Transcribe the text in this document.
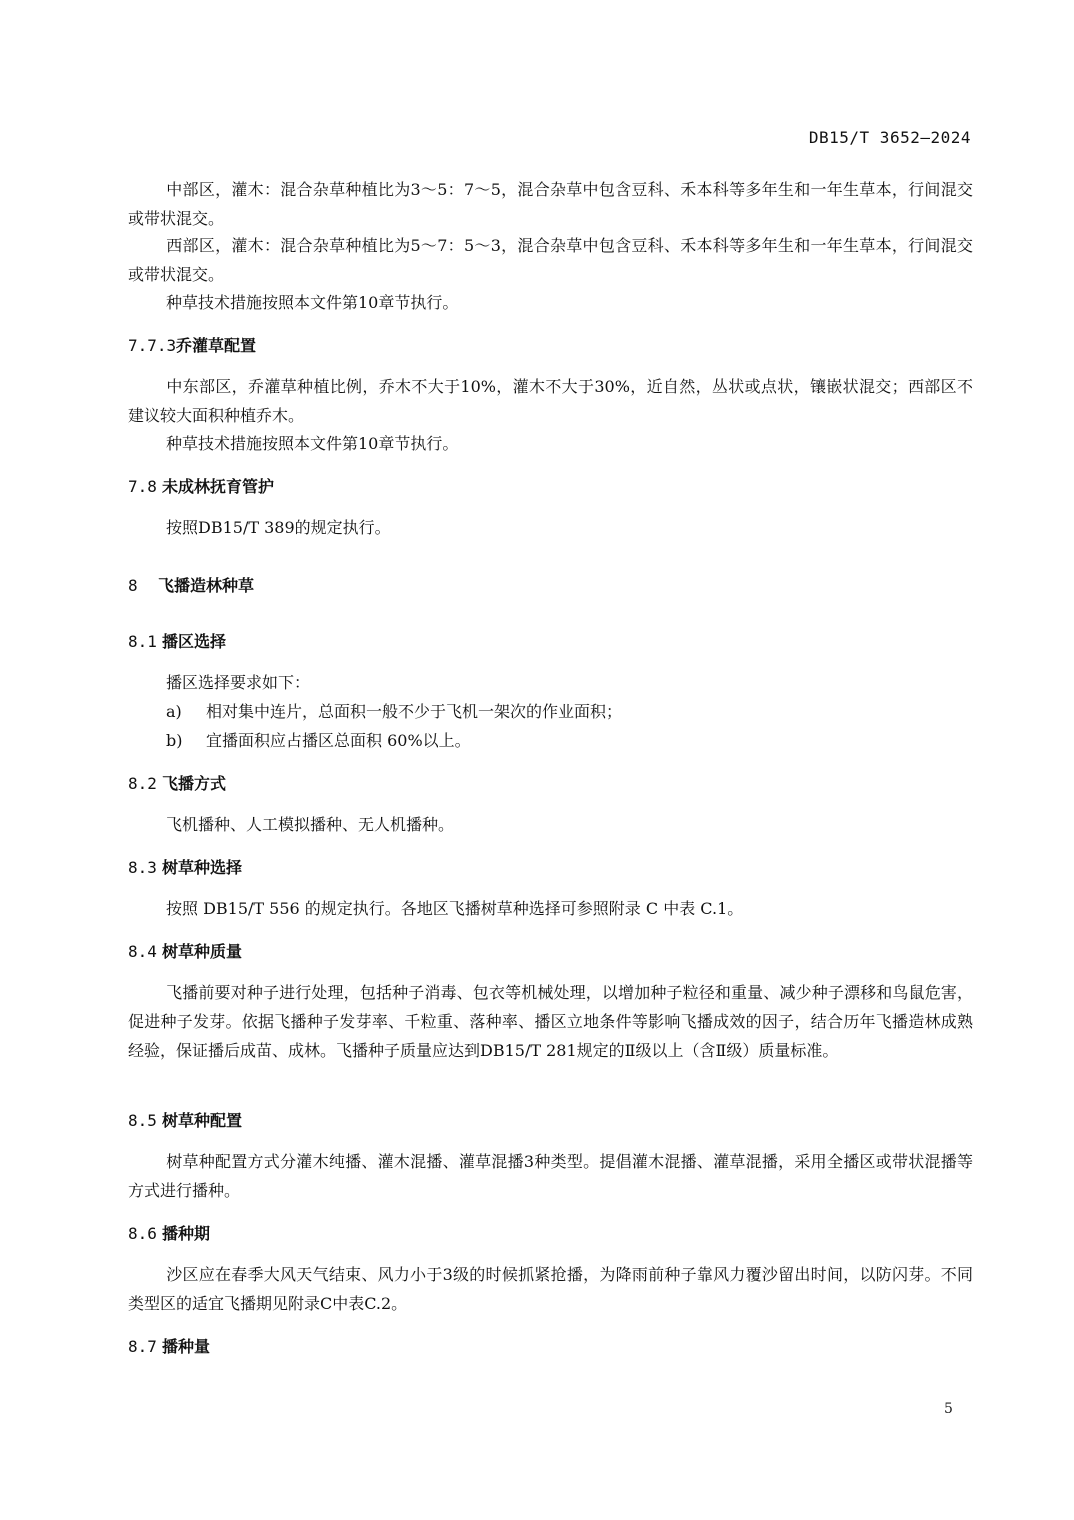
DB15/T 3652—2024

中部区，灌木：混合杂草种植比为3～5：7～5，混合杂草中包含豆科、禾本科等多年生和一年生草本，行间混交或带状混交。

西部区，灌木：混合杂草种植比为5～7：5～3，混合杂草中包含豆科、禾本科等多年生和一年生草本，行间混交或带状混交。

种草技术措施按照本文件第10章节执行。

7.7.3乔灌草配置

中东部区，乔灌草种植比例，乔木不大于10%，灌木不大于30%，近自然，丛状或点状，镶嵌状混交；西部区不建议较大面积种植乔木。

种草技术措施按照本文件第10章节执行。

7.8 未成林抚育管护

按照DB15/T 389的规定执行。

8 飞播造林种草
8.1 播区选择

播区选择要求如下：

a) 相对集中连片，总面积一般不少于飞机一架次的作业面积；

b) 宜播面积应占播区总面积 60%以上。

8.2 飞播方式

飞机播种、人工模拟播种、无人机播种。

8.3 树草种选择

按照 DB15/T 556 的规定执行。各地区飞播树草种选择可参照附录 C 中表 C.1。

8.4 树草种质量

飞播前要对种子进行处理，包括种子消毒、包衣等机械处理，以增加种子粒径和重量、减少种子漂移和鸟鼠危害，促进种子发芽。依据飞播种子发芽率、千粒重、落种率、播区立地条件等影响飞播成效的因子，结合历年飞播造林成熟经验，保证播后成苗、成林。飞播种子质量应达到DB15/T 281规定的Ⅱ级以上（含Ⅱ级）质量标准。

8.5 树草种配置

树草种配置方式分灌木纯播、灌木混播、灌草混播3种类型。提倡灌木混播、灌草混播，采用全播区或带状混播等方式进行播种。

8.6 播种期

沙区应在春季大风天气结束、风力小于3级的时候抓紧抢播，为降雨前种子靠风力覆沙留出时间，以防闪芽。不同类型区的适宜飞播期见附录C中表C.2。

8.7 播种量
5
